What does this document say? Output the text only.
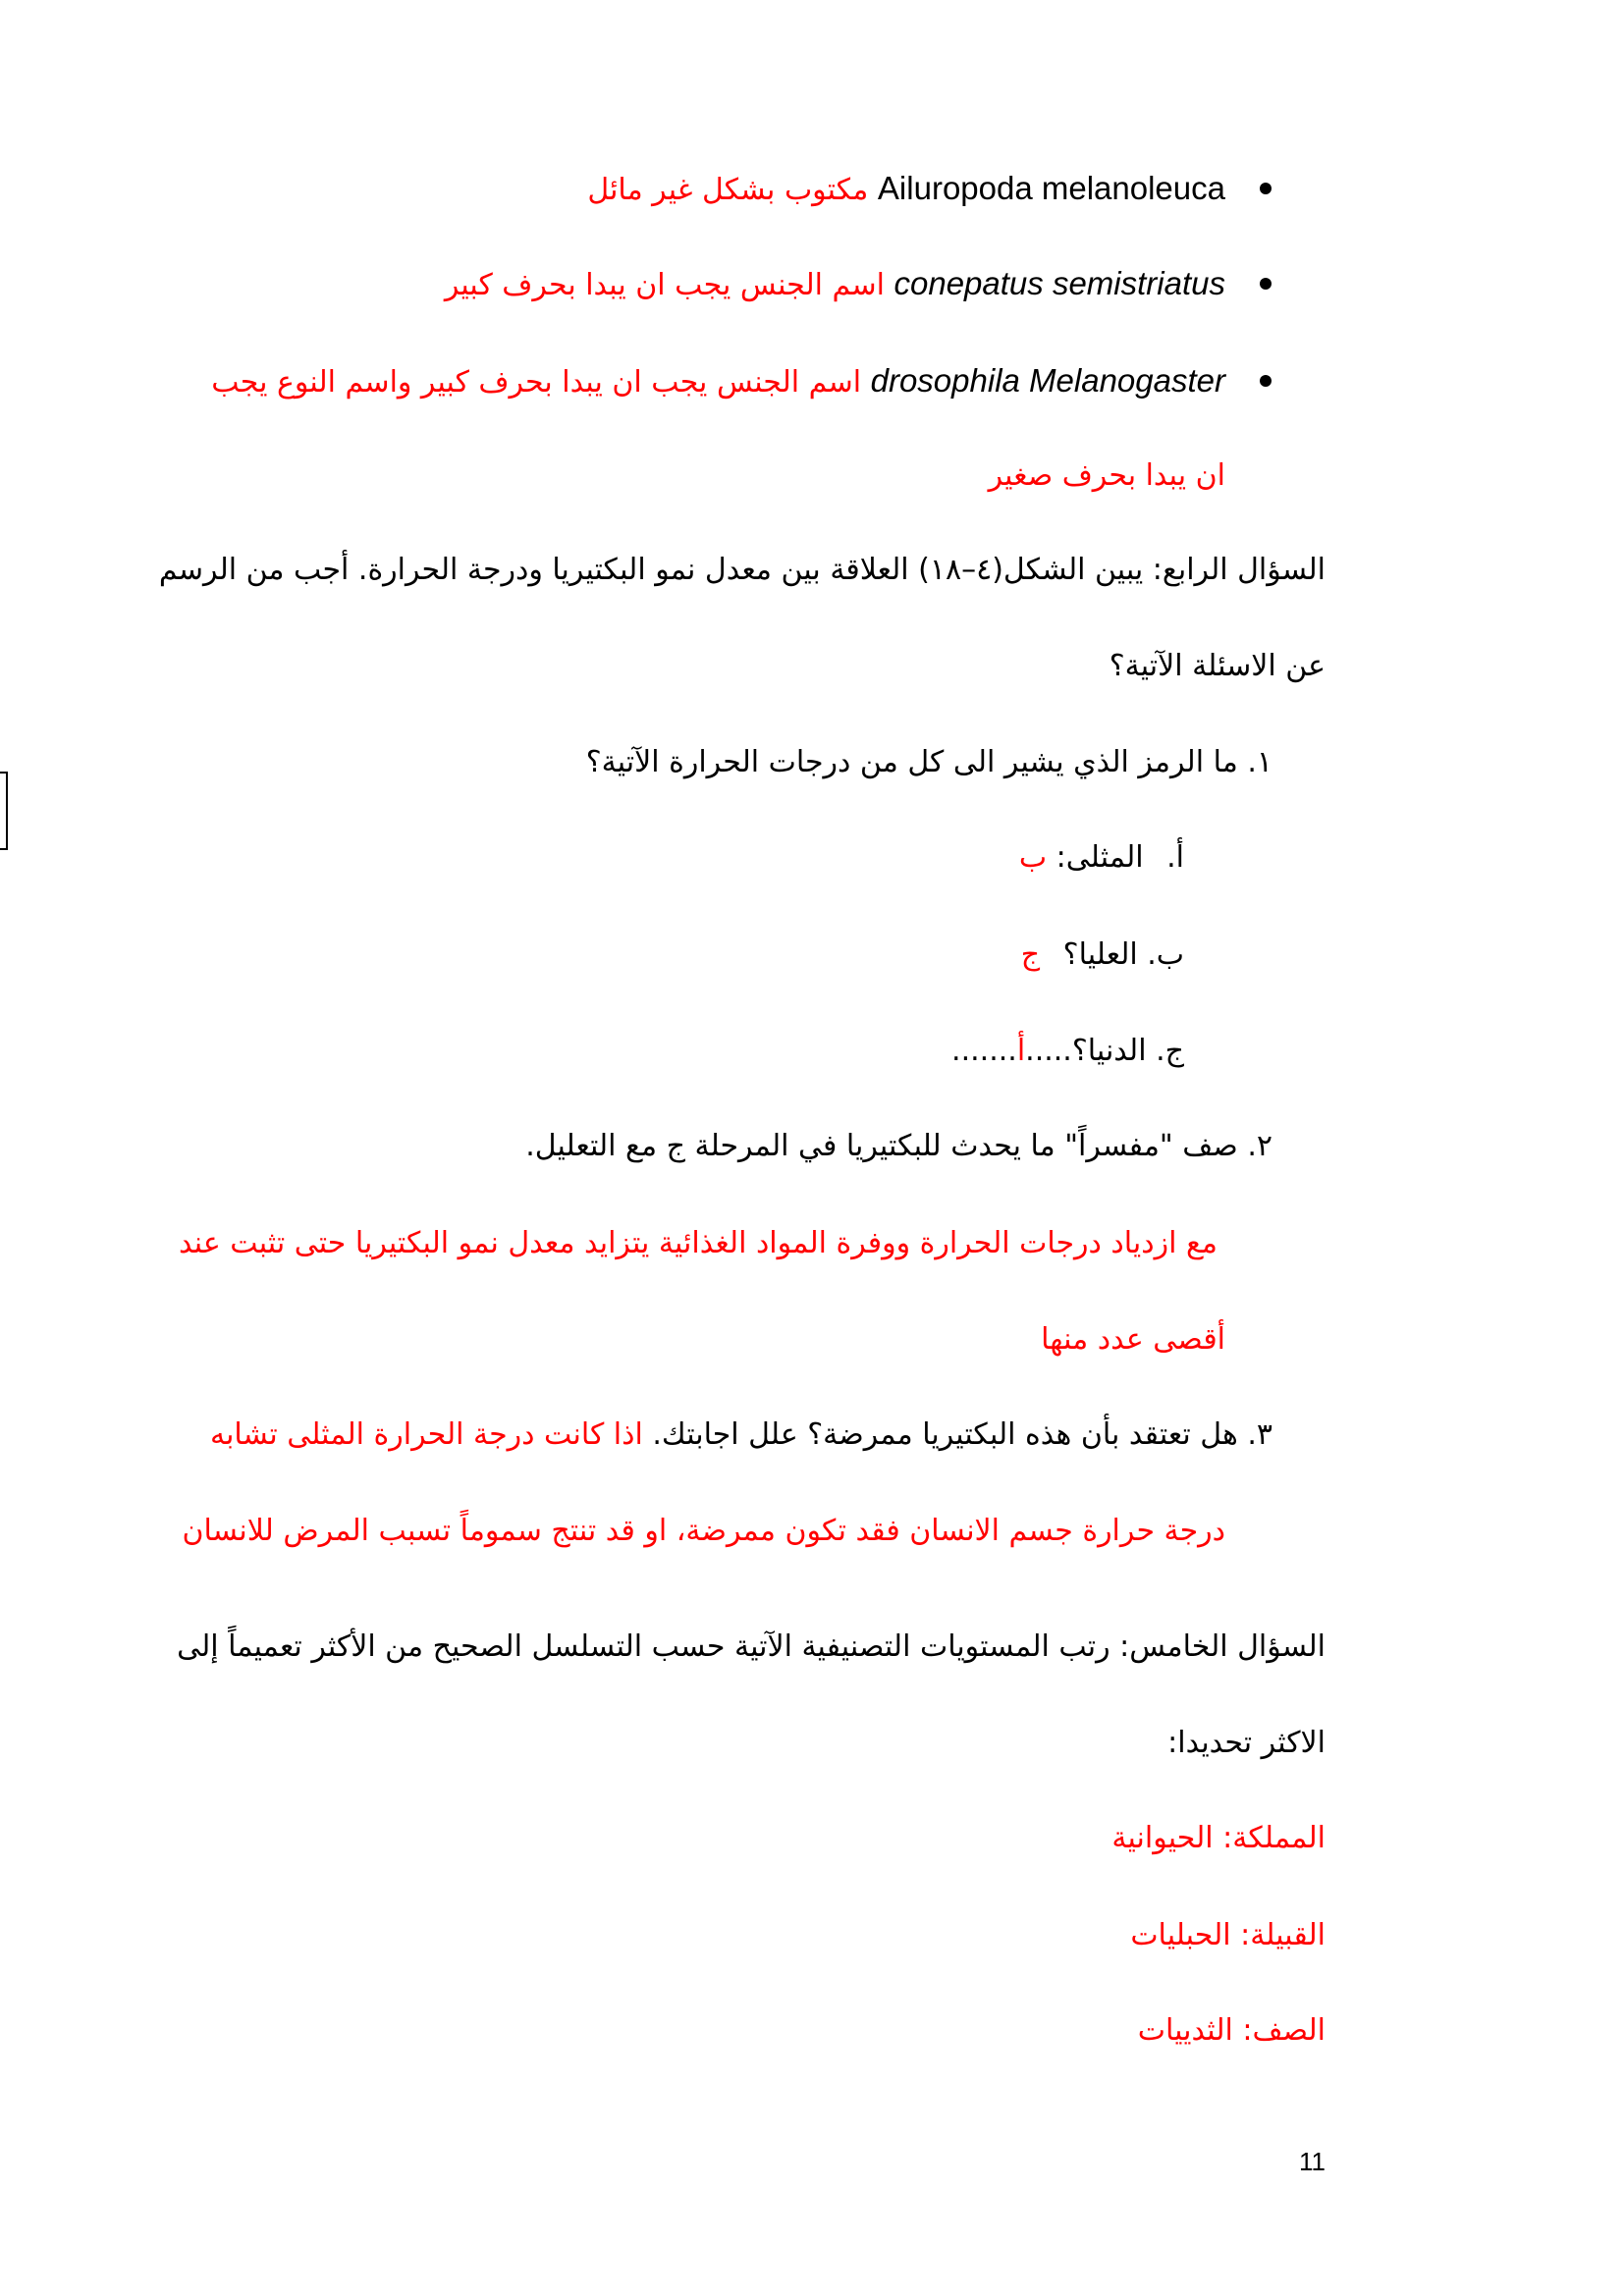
Ailuropoda melanoleuca مكتوب بشكل غير مائل
conepatus semistriatus اسم الجنس يجب ان يبدا بحرف كبير
drosophila Melanogaster اسم الجنس يجب ان يبدا بحرف كبير واسم النوع يجب
ان يبدا بحرف صغير
السؤال الرابع: يبين الشكل(٤–١٨) العلاقة بين معدل نمو البكتيريا ودرجة الحرارة. أجب من الرسم
عن الاسئلة الآتية؟
١. ما الرمز الذي يشير الى كل من درجات الحرارة الآتية؟
أ. المثلى: ب
ب. العليا؟ ج
ج. الدنيا؟.....أ.......
٢. صف "مفسراً" ما يحدث للبكتيريا في المرحلة ج مع التعليل.
مع ازدياد درجات الحرارة ووفرة المواد الغذائية يتزايد معدل نمو البكتيريا حتى تثبت عند
أقصى عدد منها
٣. هل تعتقد بأن هذه البكتيريا ممرضة؟ علل اجابتك. اذا كانت درجة الحرارة المثلى تشابه
درجة حرارة جسم الانسان فقد تكون ممرضة، او قد تنتج سموماً تسبب المرض للانسان
السؤال الخامس: رتب المستويات التصنيفية الآتية حسب التسلسل الصحيح من الأكثر تعميماً إلى
الاكثر تحديدا:
المملكة: الحيوانية
القبيلة: الحبليات
الصف: الثدييات
11
